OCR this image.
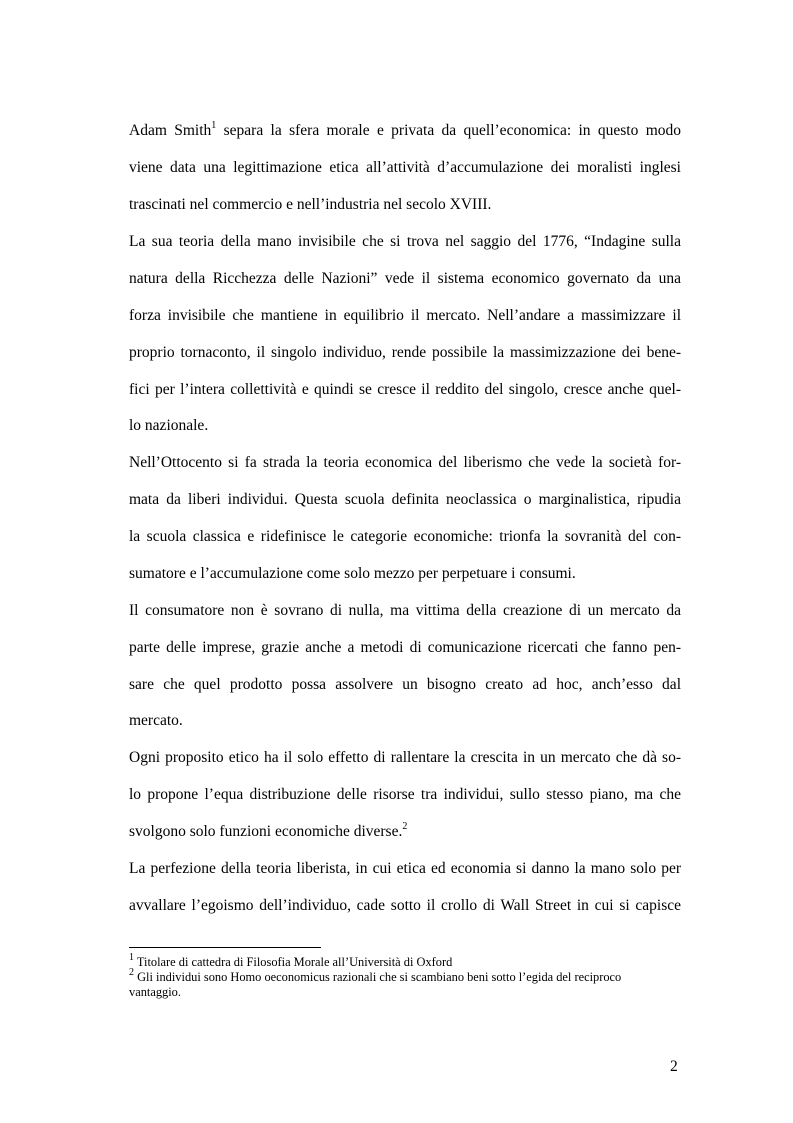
Adam Smith$^1$ separa la sfera morale e privata da quell’economica: in questo modo
viene data una legittimazione etica all’attività d’accumulazione dei moralisti inglesi
trascinati nel commercio e nell’industria nel secolo XVIII.
La sua teoria della mano invisibile che si trova nel saggio del 1776, “Indagine sulla
natura della Ricchezza delle Nazioni” vede il sistema economico governato da una
forza invisibile che mantiene in equilibrio il mercato. Nell’andare a massimizzare il
proprio tornaconto, il singolo individuo, rende possibile la massimizzazione dei bene-
fici per l’intera collettività e quindi se cresce il reddito del singolo, cresce anche quel-
lo nazionale.
Nell’Ottocento si fa strada la teoria economica del liberismo che vede la società for-
mata da liberi individui. Questa scuola definita neoclassica o marginalistica, ripudia
la scuola classica e ridefinisce le categorie economiche: trionfa la sovranità del con-
sumatore e l’accumulazione come solo mezzo per perpetuare i consumi.
Il consumatore non è sovrano di nulla, ma vittima della creazione di un mercato da
parte delle imprese, grazie anche a metodi di comunicazione ricercati che fanno pen-
sare che quel prodotto possa assolvere un bisogno creato ad hoc, anch’esso dal
mercato.
Ogni proposito etico ha il solo effetto di rallentare la crescita in un mercato che dà so-
lo propone l’equa distribuzione delle risorse tra individui, sullo stesso piano, ma che
svolgono solo funzioni economiche diverse.$^2$
La perfezione della teoria liberista, in cui etica ed economia si danno la mano solo per
avvallare l’egoismo dell’individuo, cade sotto il crollo di Wall Street in cui si capisce
$^1$ Titolare di cattedra di Filosofia Morale all’Università di Oxford
$^2$ Gli individui sono Homo oeconomicus razionali che si scambiano beni sotto l’egida del reciproco
vantaggio.
2
